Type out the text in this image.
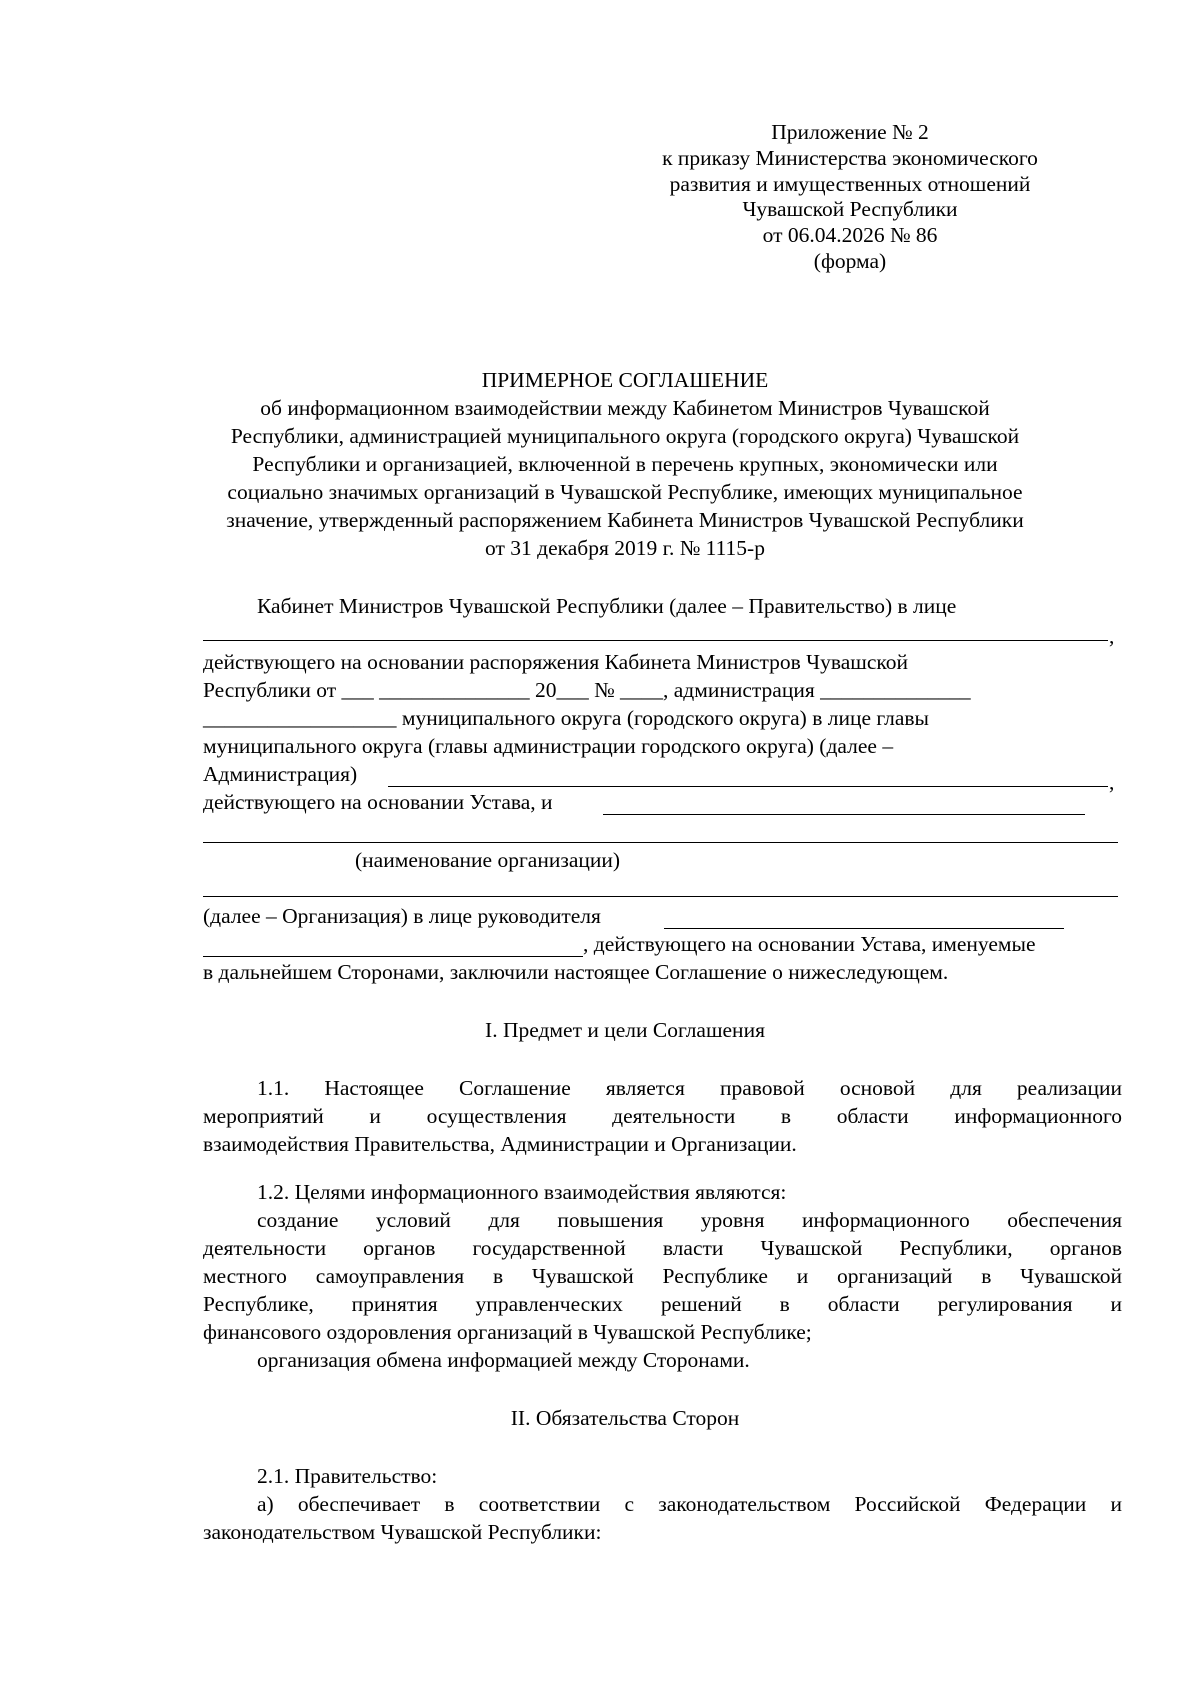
Приложение № 2
к приказу Министерства экономического
развития и имущественных отношений
Чувашской Республики
от 06.04.2026 № 86
(форма)
ПРИМЕРНОЕ СОГЛАШЕНИЕ
об информационном взаимодействии между Кабинетом Министров Чувашской
Республики, администрацией муниципального округа (городского округа) Чувашской
Республики и организацией, включенной в перечень крупных, экономически или
социально значимых организаций в Чувашской Республике, имеющих муниципальное
значение, утвержденный распоряжением Кабинета Министров Чувашской Республики
от 31 декабря 2019 г. № 1115-р
Кабинет Министров Чувашской Республики (далее – Правительство) в лице
,
действующего на основании распоряжения Кабинета Министров Чувашской
Республики от ___ ______________ 20___ № ____, администрация ______________
__________________ муниципального округа (городского округа) в лице главы
муниципального округа (главы администрации городского округа) (далее –
Администрация)	,
действующего на основании Устава, и
(наименование организации)
(далее – Организация) в лице руководителя
, действующего на основании Устава, именуемые
в дальнейшем Сторонами, заключили настоящее Соглашение о нижеследующем.
I. Предмет и цели Соглашения
1.1. Настоящее Соглашение является правовой основой для реализации
мероприятий и осуществления деятельности в области информационного
взаимодействия Правительства, Администрации и Организации.
1.2. Целями информационного взаимодействия являются:
создание условий для повышения уровня информационного обеспечения
деятельности органов государственной власти Чувашской Республики, органов
местного самоуправления в Чувашской Республике и организаций в Чувашской
Республике, принятия управленческих решений в области регулирования и
финансового оздоровления организаций в Чувашской Республике;
организация обмена информацией между Сторонами.
II. Обязательства Сторон
2.1. Правительство:
а) обеспечивает в соответствии с законодательством Российской Федерации и
законодательством Чувашской Республики:
